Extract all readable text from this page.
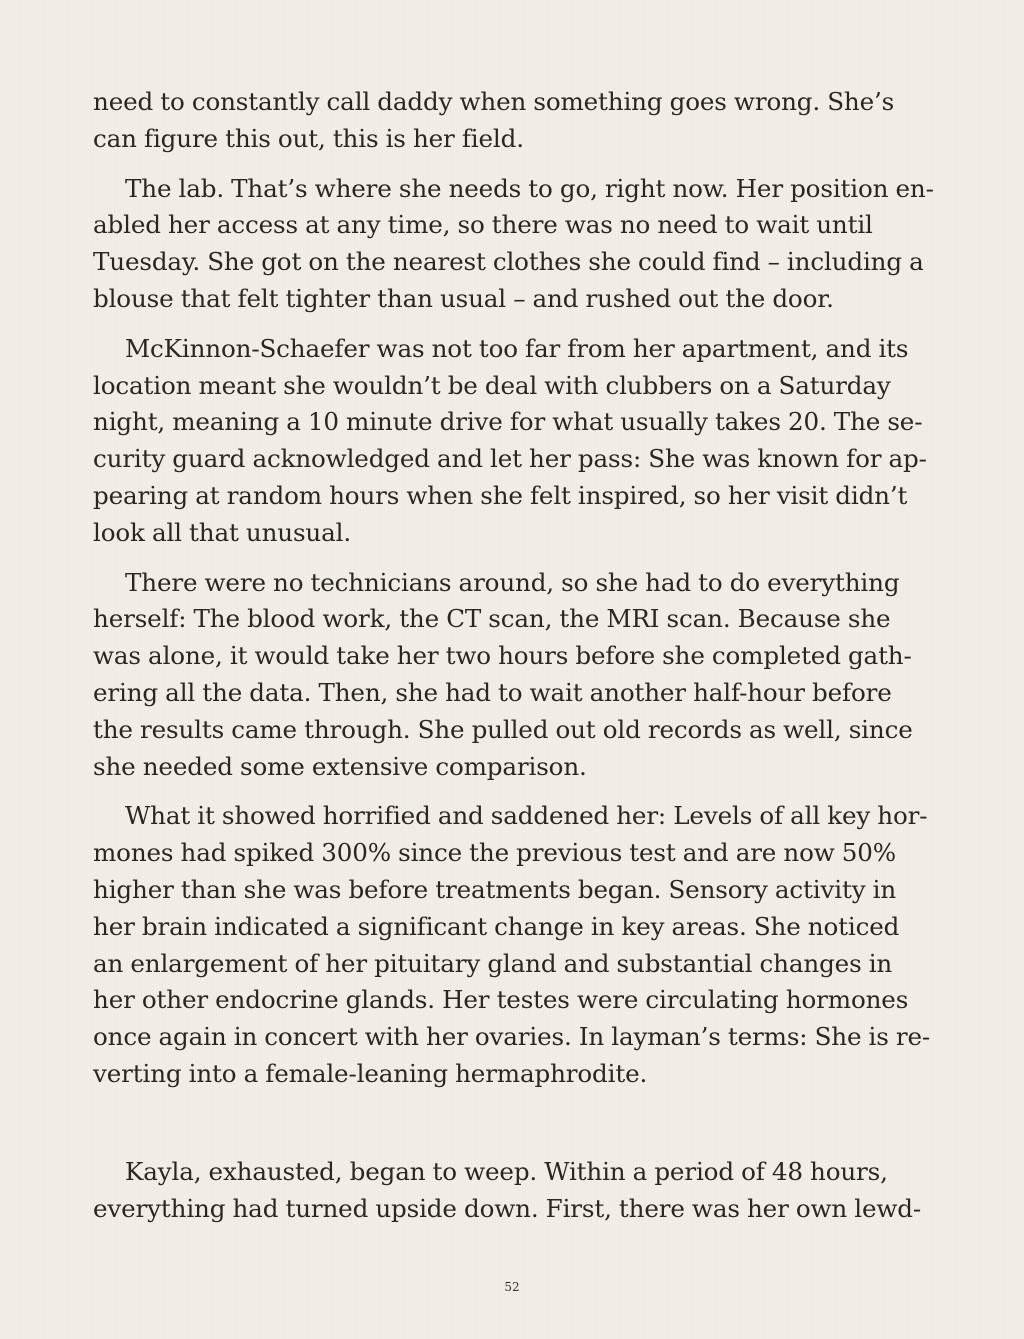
need to constantly call daddy when something goes wrong. She’s
can figure this out, this is her field.

The lab. That’s where she needs to go, right now. Her position en-
abled her access at any time, so there was no need to wait until
Tuesday. She got on the nearest clothes she could find – including a
blouse that felt tighter than usual – and rushed out the door.

McKinnon-Schaefer was not too far from her apartment, and its
location meant she wouldn’t be deal with clubbers on a Saturday
night, meaning a 10 minute drive for what usually takes 20. The se-
curity guard acknowledged and let her pass: She was known for ap-
pearing at random hours when she felt inspired, so her visit didn’t
look all that unusual.

There were no technicians around, so she had to do everything
herself: The blood work, the CT scan, the MRI scan. Because she
was alone, it would take her two hours before she completed gath-
ering all the data. Then, she had to wait another half-hour before
the results came through. She pulled out old records as well, since
she needed some extensive comparison.

What it showed horrified and saddened her: Levels of all key hor-
mones had spiked 300% since the previous test and are now 50%
higher than she was before treatments began. Sensory activity in
her brain indicated a significant change in key areas. She noticed
an enlargement of her pituitary gland and substantial changes in
her other endocrine glands. Her testes were circulating hormones
once again in concert with her ovaries. In layman’s terms: She is re-
verting into a female-leaning hermaphrodite.

Kayla, exhausted, began to weep. Within a period of 48 hours,
everything had turned upside down. First, there was her own lewd-

52
